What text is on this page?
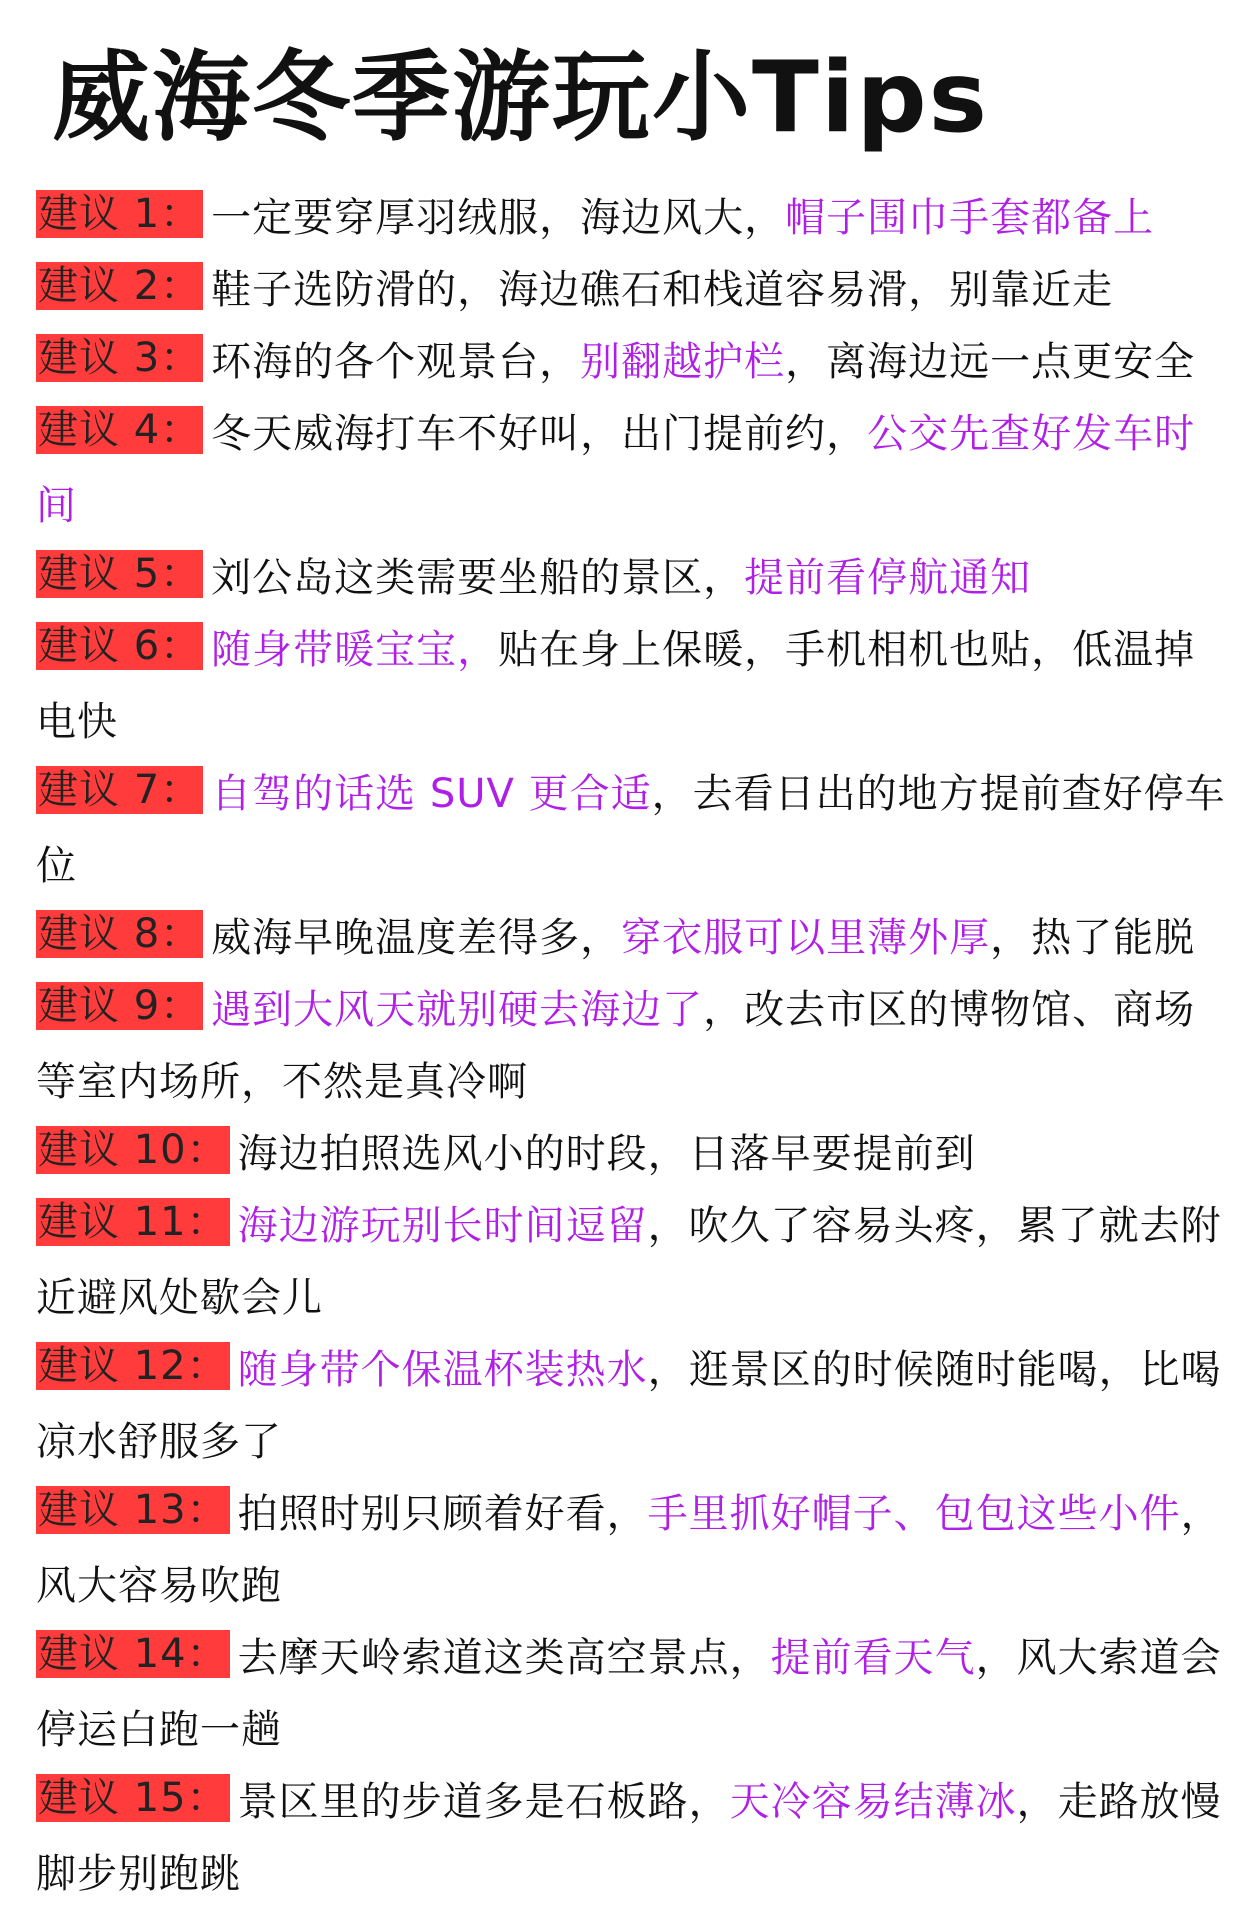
威海冬季游玩小Tips
建议 1： 一定要穿厚羽绒服，海边风大，帽子围巾手套都备上
建议 2： 鞋子选防滑的，海边礁石和栈道容易滑，别靠近走
建议 3： 环海的各个观景台，别翻越护栏，离海边远一点更安全
建议 4： 冬天威海打车不好叫，出门提前约，公交先查好发车时间
建议 5： 刘公岛这类需要坐船的景区，提前看停航通知
建议 6： 随身带暖宝宝，贴在身上保暖，手机相机也贴，低温掉电快
建议 7： 自驾的话选 SUV 更合适，去看日出的地方提前查好停车位
建议 8： 威海早晚温度差得多，穿衣服可以里薄外厚，热了能脱
建议 9： 遇到大风天就别硬去海边了，改去市区的博物馆、商场等室内场所，不然是真冷啊
建议 10： 海边拍照选风小的时段，日落早要提前到
建议 11： 海边游玩别长时间逗留，吹久了容易头疼，累了就去附近避风处歇会儿
建议 12： 随身带个保温杯装热水，逛景区的时候随时能喝，比喝凉水舒服多了
建议 13： 拍照时别只顾着好看，手里抓好帽子、包包这些小件，风大容易吹跑
建议 14： 去摩天岭索道这类高空景点，提前看天气，风大索道会停运白跑一趟
建议 15： 景区里的步道多是石板路，天冷容易结薄冰，走路放慢脚步别跑跳
